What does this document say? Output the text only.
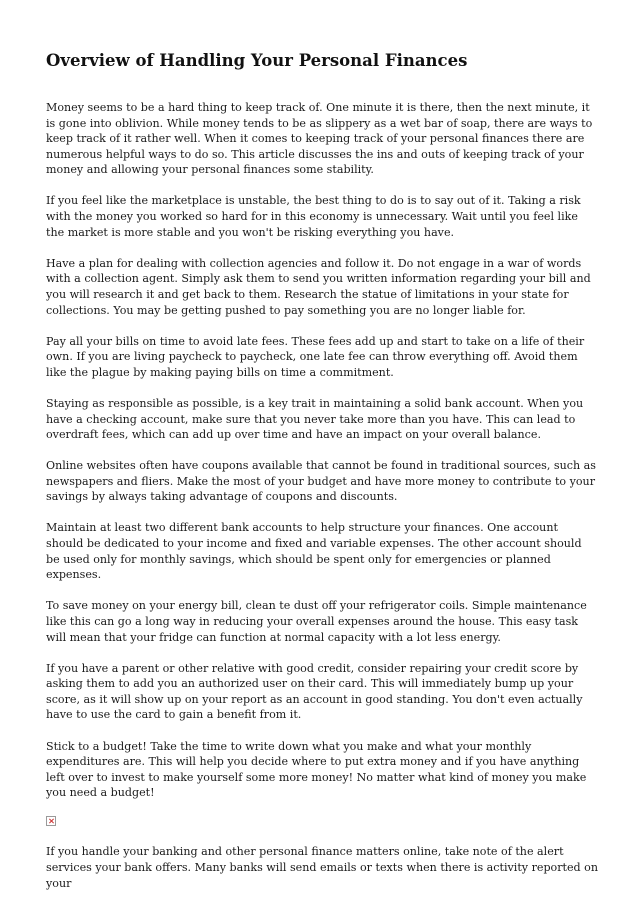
Overview of Handling Your Personal Finances

Money seems to be a hard thing to keep track of. One minute it is there, then the next minute, it is gone into oblivion. While money tends to be as slippery as a wet bar of soap, there are ways to keep track of it rather well. When it comes to keeping track of your personal finances there are numerous helpful ways to do so. This article discusses the ins and outs of keeping track of your money and allowing your personal finances some stability.

If you feel like the marketplace is unstable, the best thing to do is to say out of it. Taking a risk with the money you worked so hard for in this economy is unnecessary. Wait until you feel like the market is more stable and you won't be risking everything you have.

Have a plan for dealing with collection agencies and follow it. Do not engage in a war of words with a collection agent. Simply ask them to send you written information regarding your bill and you will research it and get back to them. Research the statue of limitations in your state for collections. You may be getting pushed to pay something you are no longer liable for.

Pay all your bills on time to avoid late fees. These fees add up and start to take on a life of their own. If you are living paycheck to paycheck, one late fee can throw everything off. Avoid them like the plague by making paying bills on time a commitment.

Staying as responsible as possible, is a key trait in maintaining a solid bank account. When you have a checking account, make sure that you never take more than you have. This can lead to overdraft fees, which can add up over time and have an impact on your overall balance.

Online websites often have coupons available that cannot be found in traditional sources, such as newspapers and fliers. Make the most of your budget and have more money to contribute to your savings by always taking advantage of coupons and discounts.

Maintain at least two different bank accounts to help structure your finances. One account should be dedicated to your income and fixed and variable expenses. The other account should be used only for monthly savings, which should be spent only for emergencies or planned expenses.

To save money on your energy bill, clean te dust off your refrigerator coils. Simple maintenance like this can go a long way in reducing your overall expenses around the house. This easy task will mean that your fridge can function at normal capacity with a lot less energy.

If you have a parent or other relative with good credit, consider repairing your credit score by asking them to add you an authorized user on their card. This will immediately bump up your score, as it will show up on your report as an account in good standing. You don't even actually have to use the card to gain a benefit from it.

Stick to a budget! Take the time to write down what you make and what your monthly expenditures are. This will help you decide where to put extra money and if you have anything left over to invest to make yourself some more money! No matter what kind of money you make you need a budget!

If you handle your banking and other personal finance matters online, take note of the alert services your bank offers. Many banks will send emails or texts when there is activity reported on your
